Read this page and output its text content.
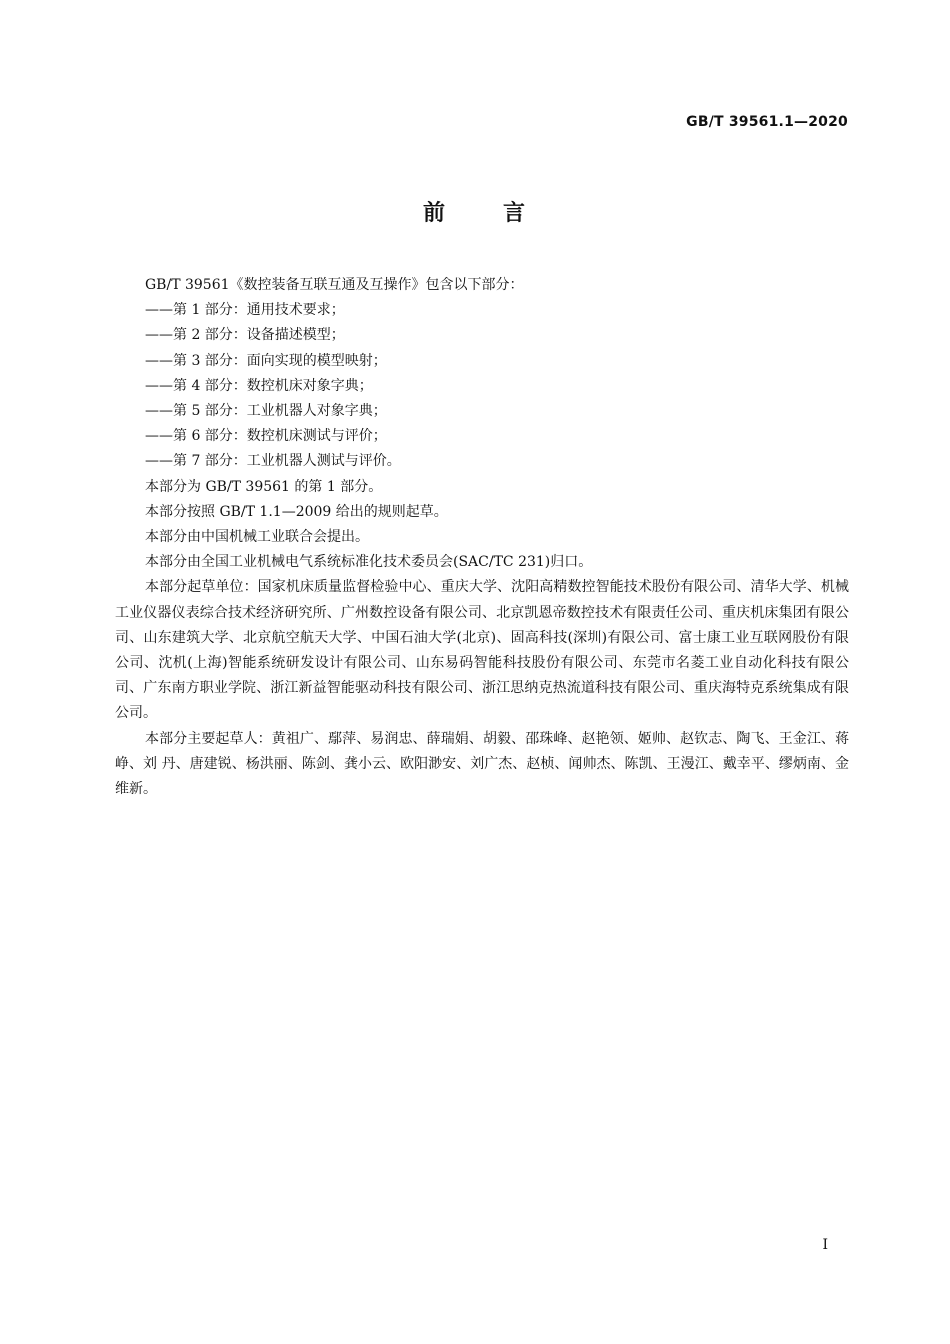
GB/T 39561.1—2020
前	言

GB/T 39561《数控装备互联互通及互操作》包含以下部分：

——第 1 部分：通用技术要求；

——第 2 部分：设备描述模型；

——第 3 部分：面向实现的模型映射；

——第 4 部分：数控机床对象字典；

——第 5 部分：工业机器人对象字典；

——第 6 部分：数控机床测试与评价；

——第 7 部分：工业机器人测试与评价。

本部分为 GB/T 39561 的第 1 部分。

本部分按照 GB/T 1.1—2009 给出的规则起草。

本部分由中国机械工业联合会提出。

本部分由全国工业机械电气系统标准化技术委员会(SAC/TC 231)归口。

本部分起草单位：国家机床质量监督检验中心、重庆大学、沈阳高精数控智能技术股份有限公司、清华大学、机械工业仪器仪表综合技术经济研究所、广州数控设备有限公司、北京凯恩帝数控技术有限责任公司、重庆机床集团有限公司、山东建筑大学、北京航空航天大学、中国石油大学(北京)、固高科技(深圳)有限公司、富士康工业互联网股份有限公司、沈机(上海)智能系统研发设计有限公司、山东易码智能科技股份有限公司、东莞市名菱工业自动化科技有限公司、广东南方职业学院、浙江新益智能驱动科技有限公司、浙江思纳克热流道科技有限公司、重庆海特克系统集成有限公司。

本部分主要起草人：黄祖广、鄢萍、易润忠、薛瑞娟、胡毅、邵珠峰、赵艳领、姬帅、赵钦志、陶飞、王金江、蒋峥、刘 丹、唐建锐、杨洪丽、陈剑、龚小云、欧阳渺安、刘广杰、赵桢、闻帅杰、陈凯、王漫江、戴幸平、缪炳南、金维新。

I
